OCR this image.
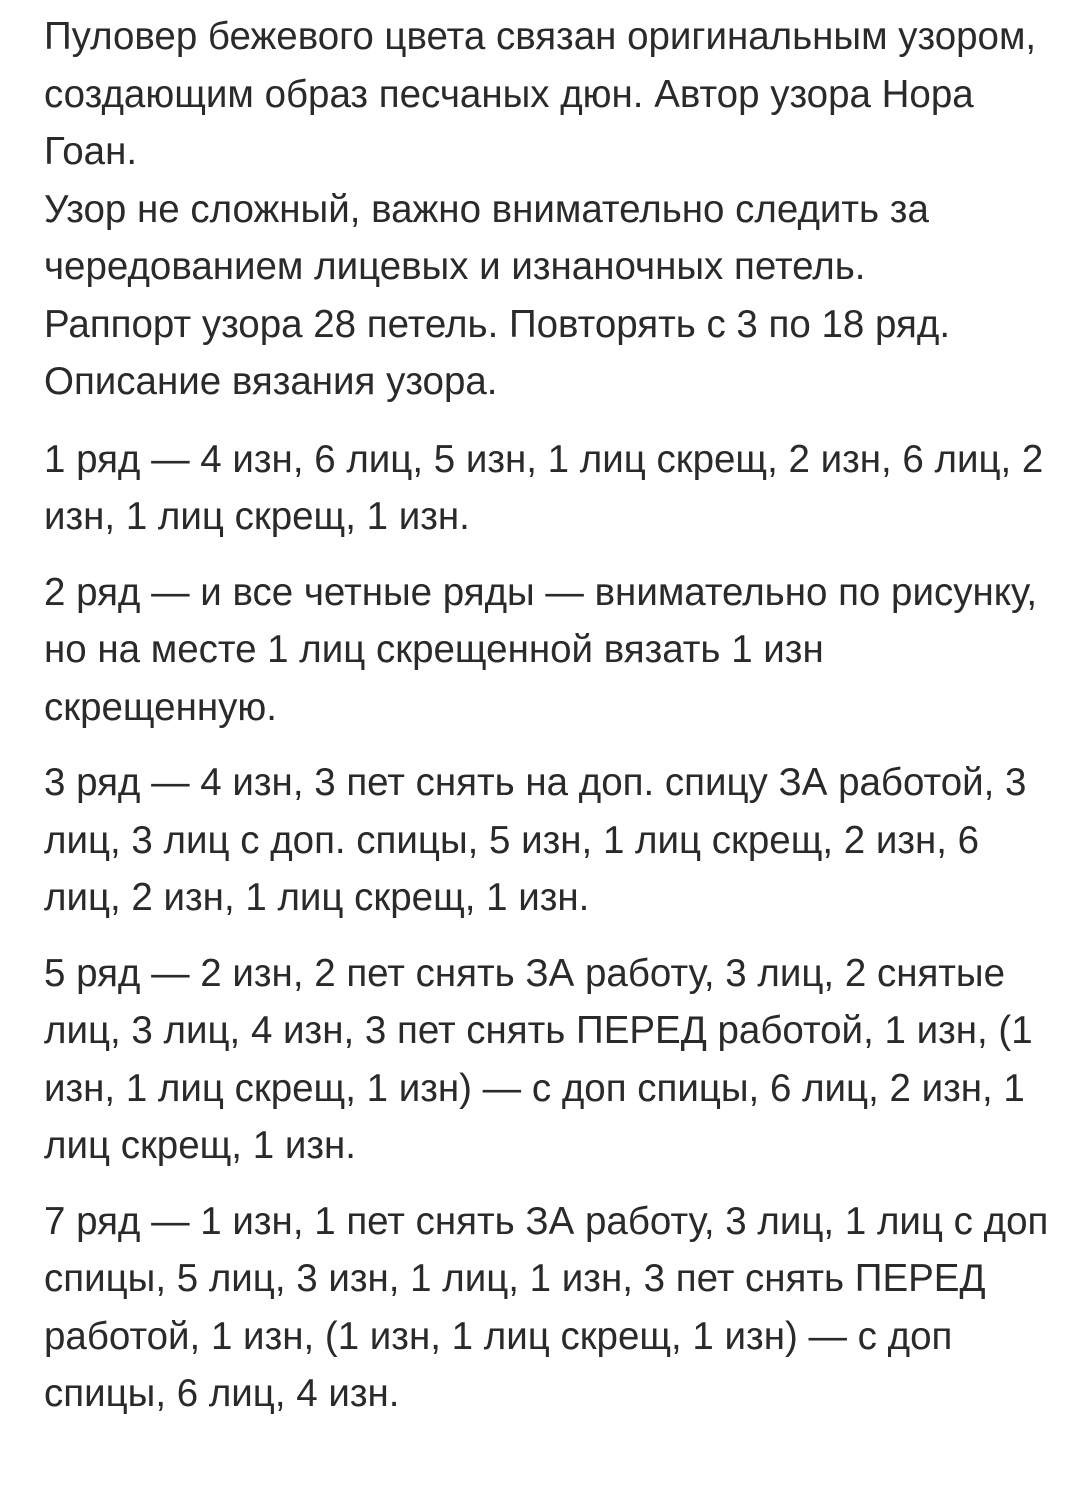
Пуловер бежевого цвета связан оригинальным узором, создающим образ песчаных дюн. Автор узора Нора Гоан.

Узор не сложный, важно внимательно следить за чередованием лицевых и изнаночных петель.

Раппорт узора 28 петель. Повторять с 3 по 18 ряд.

Описание вязания узора.

1 ряд — 4 изн, 6 лиц, 5 изн, 1 лиц скрещ, 2 изн, 6 лиц, 2 изн, 1 лиц скрещ, 1 изн.

2 ряд — и все четные ряды — внимательно по рисунку, но на месте 1 лиц скрещенной вязать 1 изн скрещенную.

3 ряд — 4 изн, 3 пет снять на доп. спицу ЗА работой, 3 лиц, 3 лиц с доп. спицы, 5 изн, 1 лиц скрещ, 2 изн, 6 лиц, 2 изн, 1 лиц скрещ, 1 изн.

5 ряд — 2 изн, 2 пет снять ЗА работу, 3 лиц, 2 снятые лиц, 3 лиц, 4 изн, 3 пет снять ПЕРЕД работой, 1 изн, (1 изн, 1 лиц скрещ, 1 изн) — с доп спицы, 6 лиц, 2 изн, 1 лиц скрещ, 1 изн.

7 ряд — 1 изн, 1 пет снять ЗА работу, 3 лиц, 1 лиц с доп спицы, 5 лиц, 3 изн, 1 лиц, 1 изн, 3 пет снять ПЕРЕД работой, 1 изн, (1 изн, 1 лиц скрещ, 1 изн) — с доп спицы, 6 лиц, 4 изн.
